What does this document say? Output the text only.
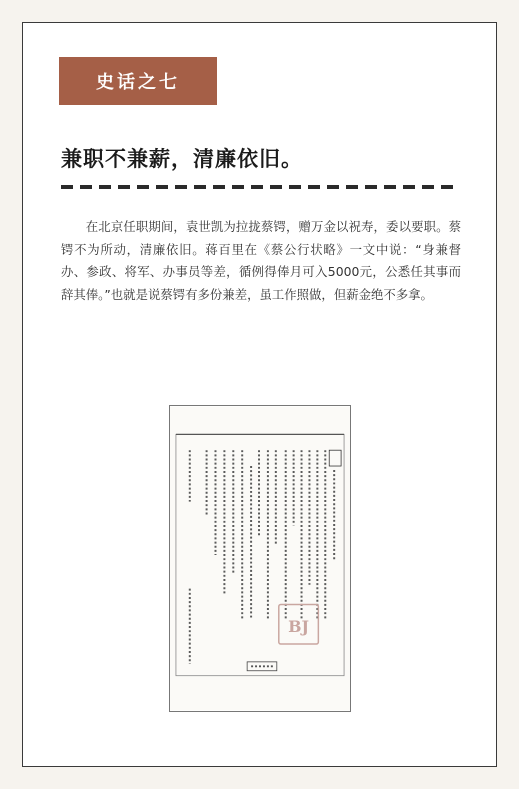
史话之七
兼职不兼薪，清廉依旧。

在北京任职期间，袁世凯为拉拢蔡锷，赠万金以祝寿，委以要职。蔡锷不为所动，清廉依旧。蒋百里在《蔡公行状略》一文中说：“身兼督办、参政、将军、办事员等差，循例得俸月可入5000元，公悉任其事而辞其俸。”也就是说蔡锷有多份兼差，虽工作照做，但薪金绝不多拿。

BJ
